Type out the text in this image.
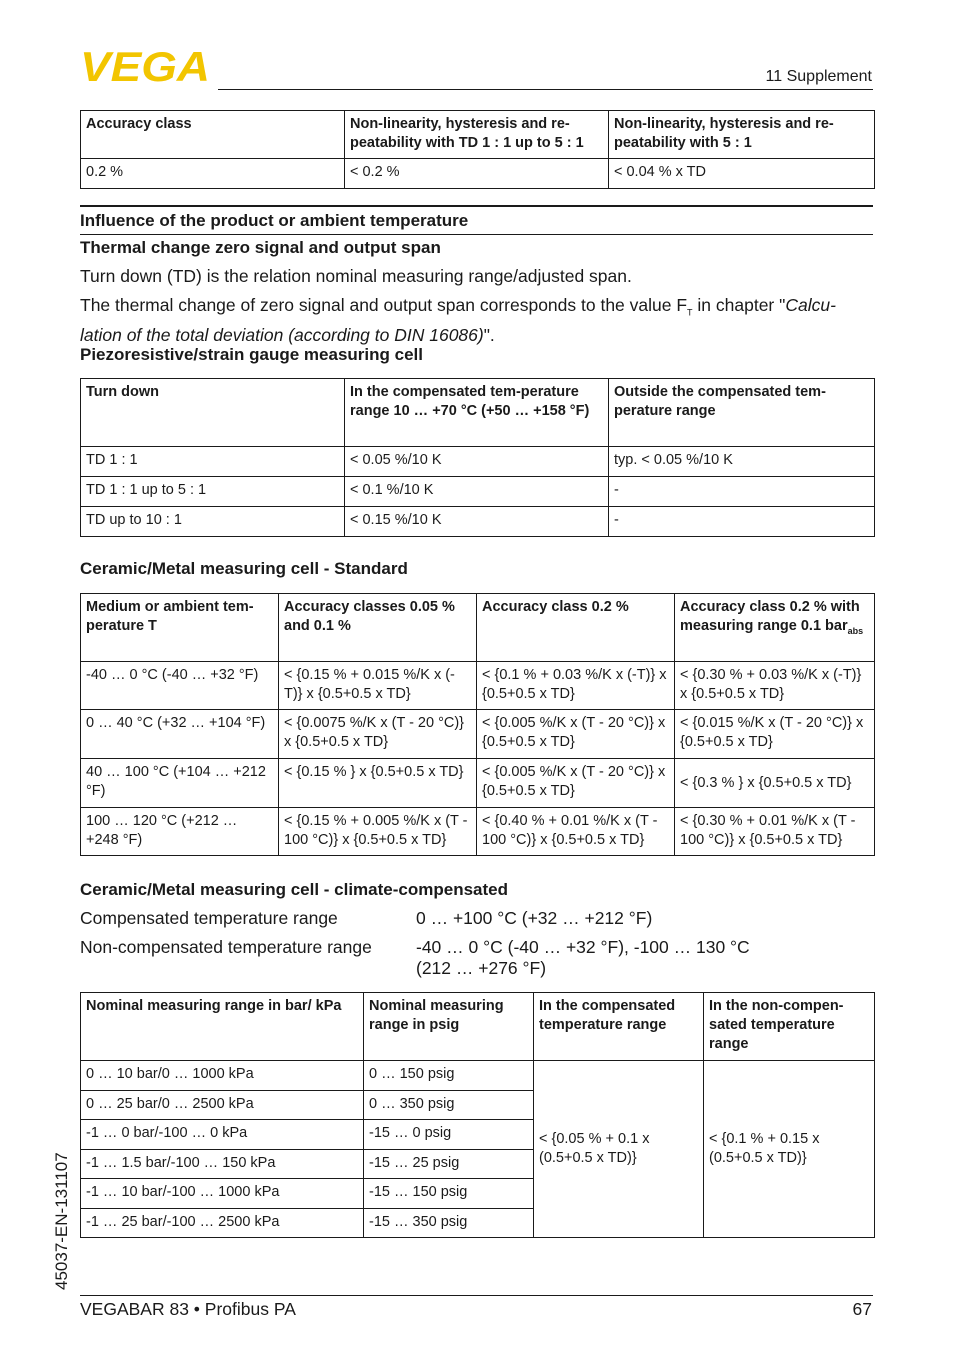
VEGA	11 Supplement
Accuracy class	Non-linearity, hysteresis and re-peatability with TD 1 : 1 up to 5 : 1	Non-linearity, hysteresis and re-peatability with 5 : 1
0.2 %	< 0.2 %	< 0.04 % x TD
Influence of the product or ambient temperature
Thermal change zero signal and output span
Turn down (TD) is the relation nominal measuring range/adjusted span.
The thermal change of zero signal and output span corresponds to the value $F_T$ in chapter "Calcu-lation of the total deviation (according to DIN 16086)".
Piezoresistive/strain gauge measuring cell
Turn down	In the compensated tem-perature range 10 … +70 °C (+50 … +158 °F)	Outside the compensated tem-perature range
TD 1 : 1	< 0.05 %/10 K	typ. < 0.05 %/10 K
TD 1 : 1 up to 5 : 1	< 0.1 %/10 K	-
TD up to 10 : 1	< 0.15 %/10 K	-
Ceramic/Metal measuring cell - Standard
Medium or ambient tem-perature T	Accuracy classes 0.05 % and 0.1 %	Accuracy class 0.2 %	Accuracy class 0.2 % with measuring range 0.1 bar$_{abs}$
-40 … 0 °C (-40 … +32 °F)	< {0.15 % + 0.015 %/K x (-T)} x {0.5+0.5 x TD}	< {0.1 % + 0.03 %/K x (-T)} x {0.5+0.5 x TD}	< {0.30 % + 0.03 %/K x (-T)} x {0.5+0.5 x TD}
0 … 40 °C (+32 … +104 °F)	< {0.0075 %/K x (T - 20 °C)} x {0.5+0.5 x TD}	< {0.005 %/K x (T - 20 °C)} x {0.5+0.5 x TD}	< {0.015 %/K x (T - 20 °C)} x {0.5+0.5 x TD}
40 … 100 °C (+104 … +212 °F)	< {0.15 % } x {0.5+0.5 x TD}	< {0.005 %/K x (T - 20 °C)} x {0.5+0.5 x TD}	< {0.3 % } x {0.5+0.5 x TD}
100 … 120 °C (+212 … +248 °F)	< {0.15 % + 0.005 %/K x (T - 100 °C)} x {0.5+0.5 x TD}	< {0.40 % + 0.01 %/K x (T - 100 °C)} x {0.5+0.5 x TD}	< {0.30 % + 0.01 %/K x (T - 100 °C)} x {0.5+0.5 x TD}
Ceramic/Metal measuring cell - climate-compensated
Compensated temperature range	0 … +100 °C (+32 … +212 °F)
Non-compensated temperature range	-40 … 0 °C (-40 … +32 °F), -100 … 130 °C (212 … +276 °F)
Nominal measuring range in bar/ kPa	Nominal measuring range in psig	In the compensated temperature range	In the non-compen-sated temperature range
0 … 10 bar/0 … 1000 kPa	0 … 150 psig	< {0.05 % + 0.1 x (0.5+0.5 x TD)}	< {0.1 % + 0.15 x (0.5+0.5 x TD)}
0 … 25 bar/0 … 2500 kPa	0 … 350 psig		
-1 … 0 bar/-100 … 0 kPa	-15 … 0 psig		
-1 … 1.5 bar/-100 … 150 kPa	-15 … 25 psig		
-1 … 10 bar/-100 … 1000 kPa	-15 … 150 psig		
-1 … 25 bar/-100 … 2500 kPa	-15 … 350 psig		
45037-EN-131107
VEGABAR 83 • Profibus PA	67
